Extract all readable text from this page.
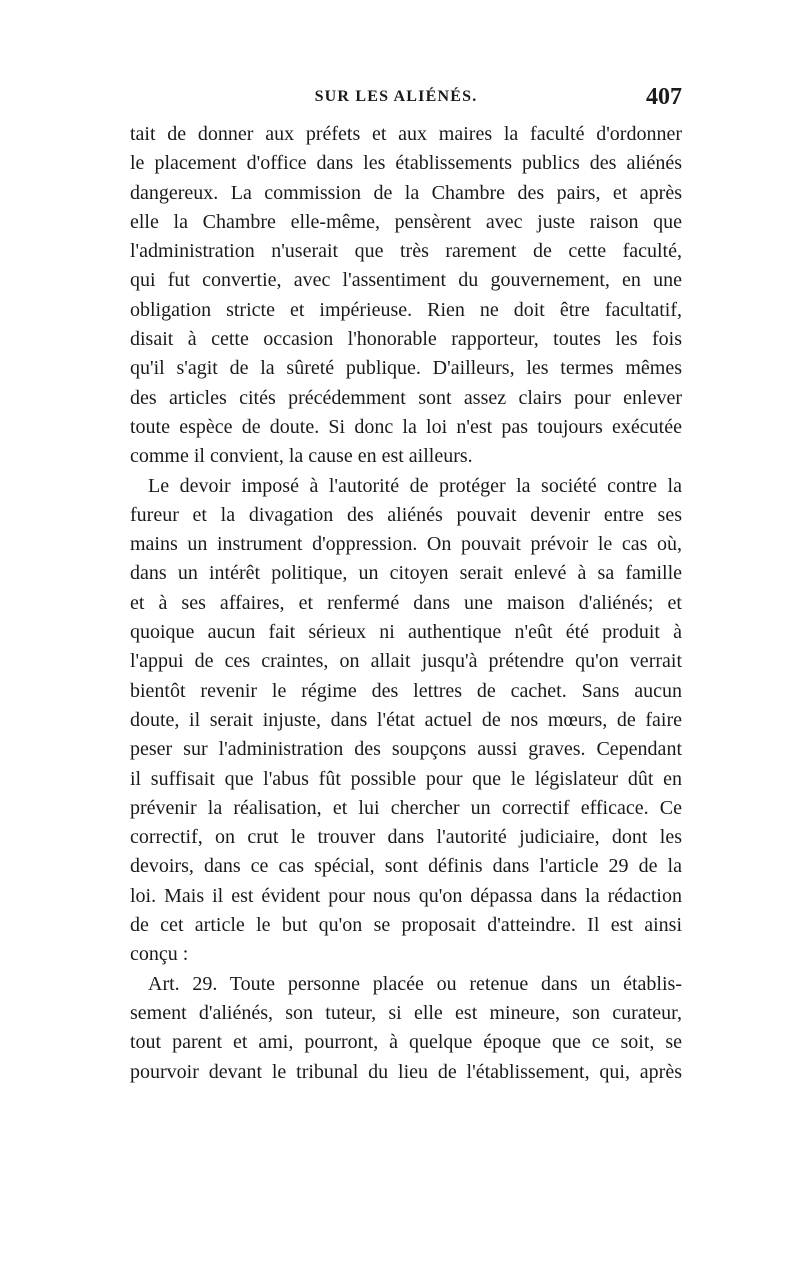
SUR LES ALIÉNÉS.	407
tait de donner aux préfets et aux maires la faculté d'ordonner
le placement d'office dans les établissements publics des aliénés
dangereux. La commission de la Chambre des pairs, et après
elle la Chambre elle-même, pensèrent avec juste raison que
l'administration n'userait que très rarement de cette faculté,
qui fut convertie, avec l'assentiment du gouvernement, en une
obligation stricte et impérieuse. Rien ne doit être facultatif,
disait à cette occasion l'honorable rapporteur, toutes les fois
qu'il s'agit de la sûreté publique. D'ailleurs, les termes mêmes
des articles cités précédemment sont assez clairs pour enlever
toute espèce de doute. Si donc la loi n'est pas toujours exécutée
comme il convient, la cause en est ailleurs.
Le devoir imposé à l'autorité de protéger la société contre la
fureur et la divagation des aliénés pouvait devenir entre ses
mains un instrument d'oppression. On pouvait prévoir le cas où,
dans un intérêt politique, un citoyen serait enlevé à sa famille
et à ses affaires, et renfermé dans une maison d'aliénés; et
quoique aucun fait sérieux ni authentique n'eût été produit à
l'appui de ces craintes, on allait jusqu'à prétendre qu'on verrait
bientôt revenir le régime des lettres de cachet. Sans aucun
doute, il serait injuste, dans l'état actuel de nos mœurs, de faire
peser sur l'administration des soupçons aussi graves. Cependant
il suffisait que l'abus fût possible pour que le législateur dût en
prévenir la réalisation, et lui chercher un correctif efficace. Ce
correctif, on crut le trouver dans l'autorité judiciaire, dont les
devoirs, dans ce cas spécial, sont définis dans l'article 29 de la
loi. Mais il est évident pour nous qu'on dépassa dans la rédaction
de cet article le but qu'on se proposait d'atteindre. Il est ainsi
conçu :
Art. 29. Toute personne placée ou retenue dans un établis-
sement d'aliénés, son tuteur, si elle est mineure, son curateur,
tout parent et ami, pourront, à quelque époque que ce soit, se
pourvoir devant le tribunal du lieu de l'établissement, qui, après
